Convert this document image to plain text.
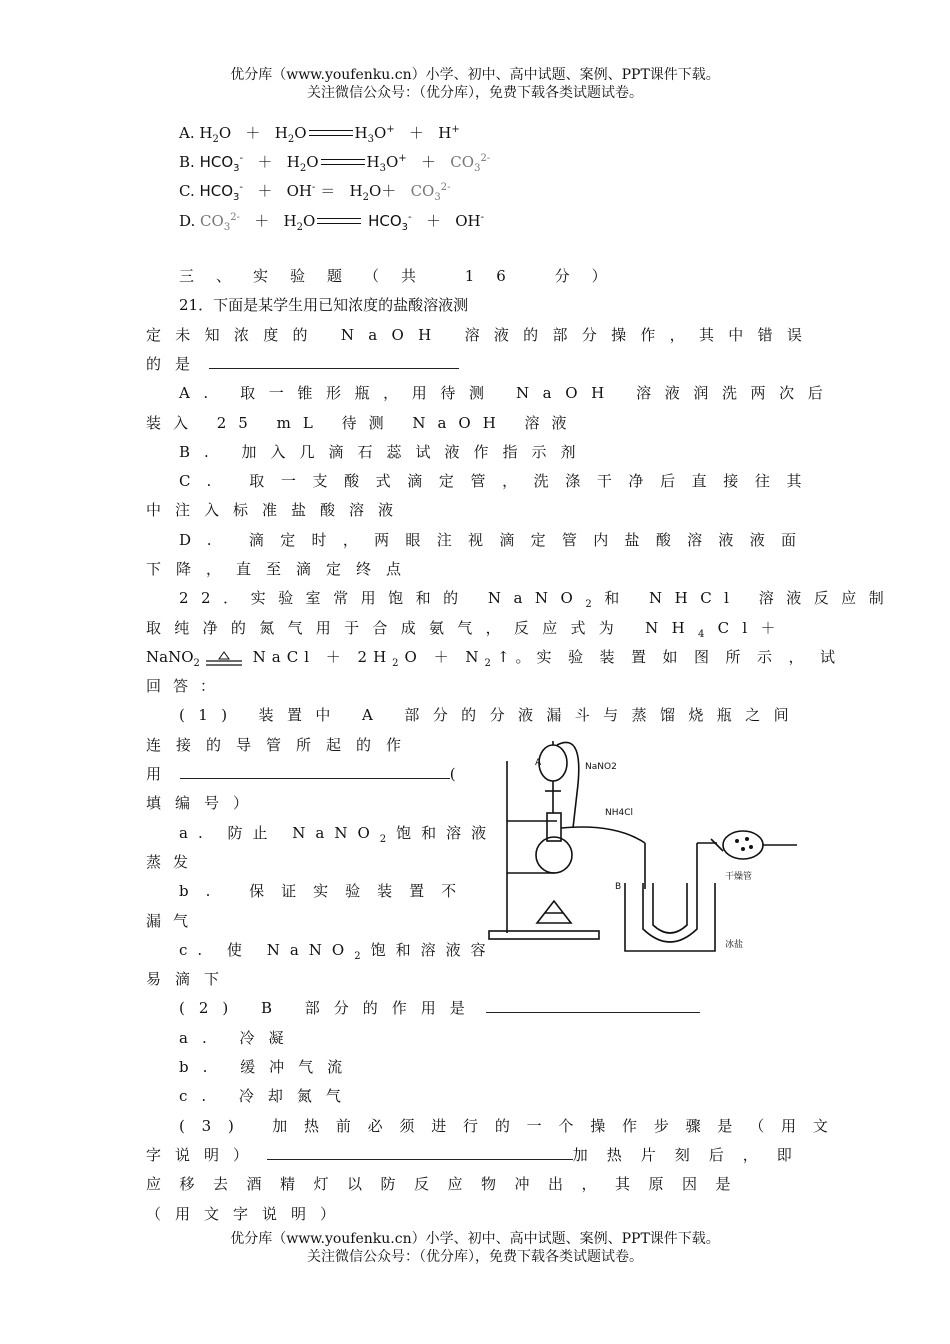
优分库（www.youfenku.cn）小学、初中、高中试题、案例、PPT课件下载。
关注微信公众号：（优分库），免费下载各类试题试卷。
A. $H_2O + H_2O$	$H_3O^+ + H^+$
B. $HCO_3^- + H_2O$	$H_3O^+ + CO_3^{2-}$
C. $HCO_3^- + OH^- = H_2O+ CO_3^{2-}$
D. $CO_3^{2-} + H_2O$	$HCO_3^- + OH^-$
三、实验题（共 16 分）
21．下面是某学生用已知浓度的盐酸溶液测
定未知浓度的 NaOH 溶液的部分操作，其中错误
的是
A. 取一锥形瓶，用待测 NaOH 溶液润洗两次后
装入 25 mL 待测 NaOH 溶液
B. 加入几滴石蕊试液作指示剂
C. 取一支酸式滴定管，洗涤干净后直接往其
中注入标准盐酸溶液
D. 滴定时，两眼注视滴定管内盐酸溶液液面
下降，直至滴定终点
22．实验室常用饱和的 NaNO$_2$和 NHCl 溶液反应制
取纯净的氮气用于合成氨气，反应式为 $NH_4Cl+$
NaNO$_2$	NaCl ＋ $2H_2O$ ＋ $N_2↑$。实验装置如图所示，试
回答：
(1) 装置中 A 部分的分液漏斗与蒸馏烧瓶之间
连接的导管所起的作
用	(
填编号）
a. 防止 NaNO$_2$饱和溶液
蒸发
b. 保证实验装置不
漏气
c. 使 NaNO$_2$饱和溶液容
易滴下
(2) B 部分的作用是
a. 冷凝
b. 缓冲气流
c. 冷却氮气
(3) 加热前必须进行的一个操作步骤是（用文
字说明）	加热片刻后，即
应移去酒精灯以防反应物冲出，其原因是
（用文字说明）
A	NaNO2
NH4Cl
B
干燥管
冰盐
优分库（www.youfenku.cn）小学、初中、高中试题、案例、PPT课件下载。
关注微信公众号：（优分库），免费下载各类试题试卷。
